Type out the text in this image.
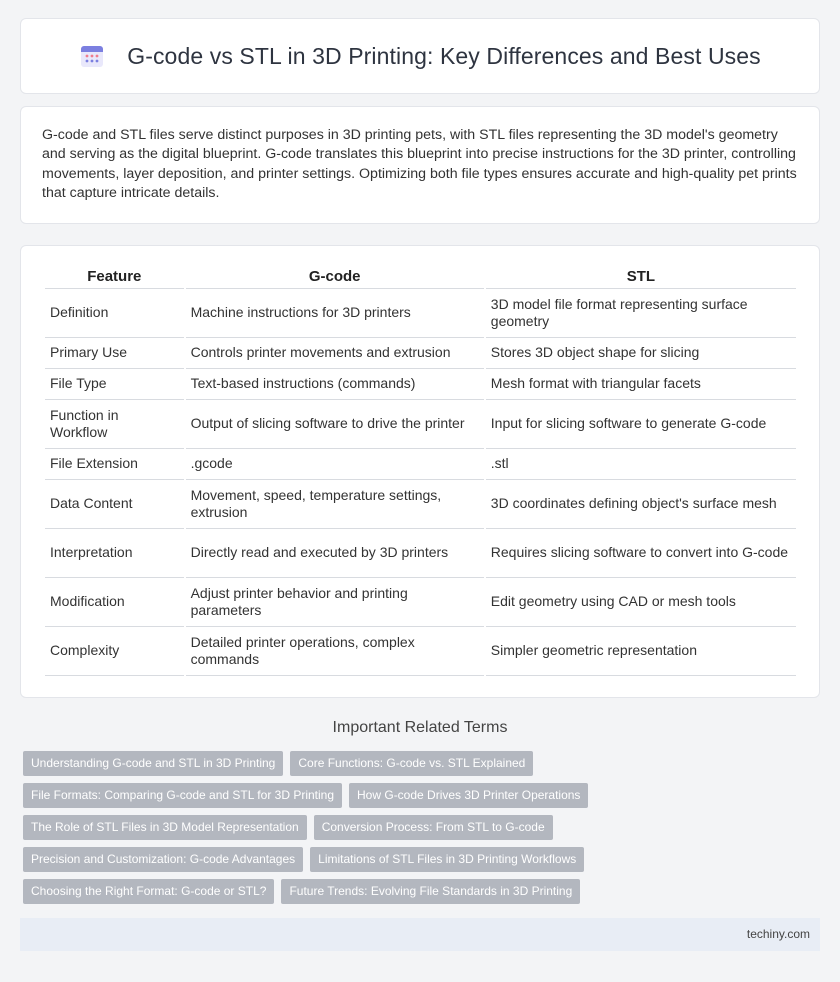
G-code vs STL in 3D Printing: Key Differences and Best Uses

G-code and STL files serve distinct purposes in 3D printing pets, with STL files representing the 3D model's geometry and serving as the digital blueprint. G-code translates this blueprint into precise instructions for the 3D printer, controlling movements, layer deposition, and printer settings. Optimizing both file types ensures accurate and high-quality pet prints that capture intricate details.

Feature	G-code	STL
Definition	Machine instructions for 3D printers	3D model file format representing surface geometry
Primary Use	Controls printer movements and extrusion	Stores 3D object shape for slicing
File Type	Text-based instructions (commands)	Mesh format with triangular facets
Function in Workflow	Output of slicing software to drive the printer	Input for slicing software to generate G-code
File Extension	.gcode	.stl
Data Content	Movement, speed, temperature settings, extrusion	3D coordinates defining object's surface mesh
Interpretation	Directly read and executed by 3D printers	Requires slicing software to convert into G-code
Modification	Adjust printer behavior and printing parameters	Edit geometry using CAD or mesh tools
Complexity	Detailed printer operations, complex commands	Simpler geometric representation
Important Related Terms
Understanding G-code and STL in 3D Printing	Core Functions: G-code vs. STL Explained
File Formats: Comparing G-code and STL for 3D Printing	How G-code Drives 3D Printer Operations
The Role of STL Files in 3D Model Representation	Conversion Process: From STL to G-code
Precision and Customization: G-code Advantages	Limitations of STL Files in 3D Printing Workflows
Choosing the Right Format: G-code or STL?	Future Trends: Evolving File Standards in 3D Printing
techiny.com
